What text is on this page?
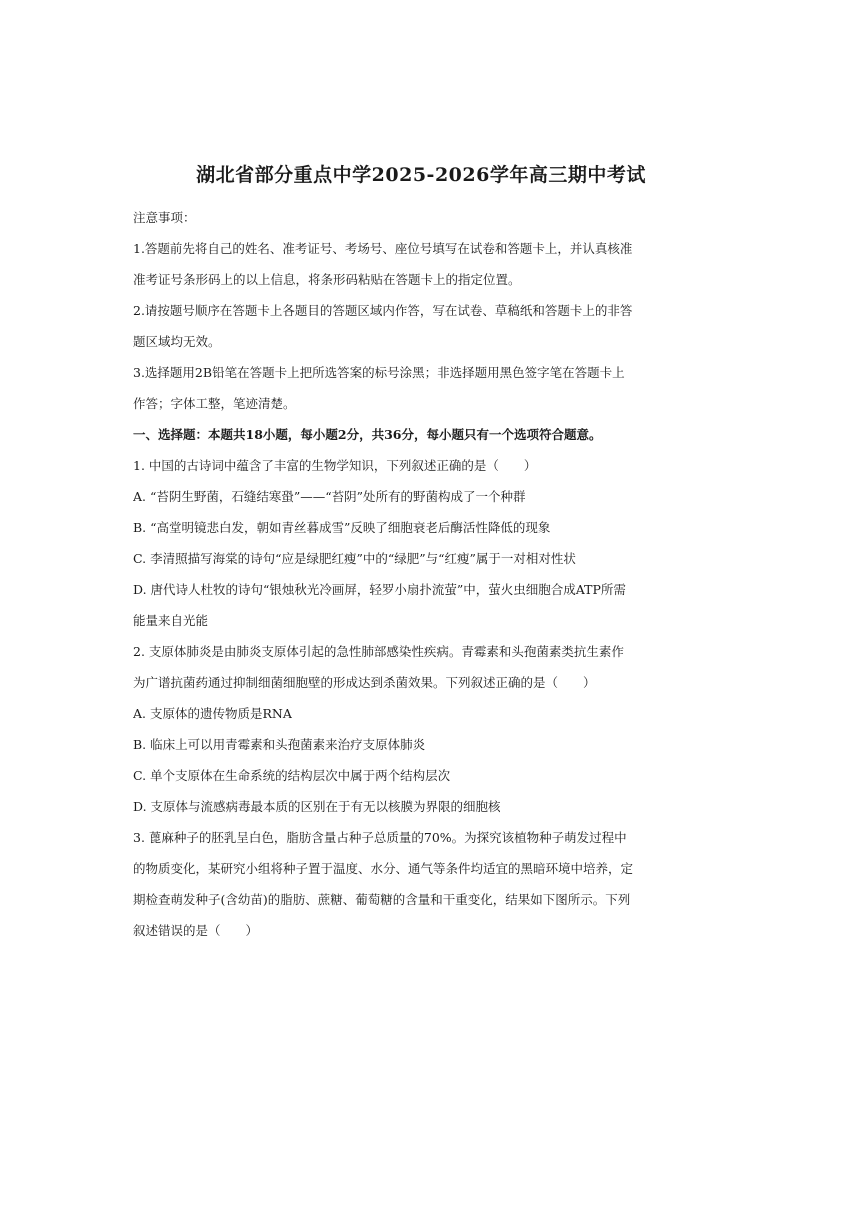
湖北省部分重点中学2025-2026学年高三期中考试
注意事项：
1.答题前先将自己的姓名、准考证号、考场号、座位号填写在试卷和答题卡上，并认真核准
准考证号条形码上的以上信息，将条形码粘贴在答题卡上的指定位置。
2.请按题号顺序在答题卡上各题目的答题区域内作答，写在试卷、草稿纸和答题卡上的非答
题区域均无效。
3.选择题用2B铅笔在答题卡上把所选答案的标号涂黑；非选择题用黑色签字笔在答题卡上
作答；字体工整，笔迹清楚。
一、选择题：本题共18小题，每小题2分，共36分，每小题只有一个选项符合题意。
1. 中国的古诗词中蕴含了丰富的生物学知识，下列叙述正确的是（　　）
A. “苔阴生野菌，石缝结寒蛩”——“苔阴”处所有的野菌构成了一个种群
B. “高堂明镜悲白发，朝如青丝暮成雪”反映了细胞衰老后酶活性降低的现象
C. 李清照描写海棠的诗句“应是绿肥红瘦”中的“绿肥”与“红瘦”属于一对相对性状
D. 唐代诗人杜牧的诗句“银烛秋光冷画屏，轻罗小扇扑流萤”中，萤火虫细胞合成ATP所需
能量来自光能
2. 支原体肺炎是由肺炎支原体引起的急性肺部感染性疾病。青霉素和头孢菌素类抗生素作
为广谱抗菌药通过抑制细菌细胞壁的形成达到杀菌效果。下列叙述正确的是（　　）
A. 支原体的遗传物质是RNA
B. 临床上可以用青霉素和头孢菌素来治疗支原体肺炎
C. 单个支原体在生命系统的结构层次中属于两个结构层次
D. 支原体与流感病毒最本质的区别在于有无以核膜为界限的细胞核
3. 蓖麻种子的胚乳呈白色，脂肪含量占种子总质量的70%。为探究该植物种子萌发过程中
的物质变化，某研究小组将种子置于温度、水分、通气等条件均适宜的黑暗环境中培养，定
期检查萌发种子(含幼苗)的脂肪、蔗糖、葡萄糖的含量和干重变化，结果如下图所示。下列
叙述错误的是（　　）
